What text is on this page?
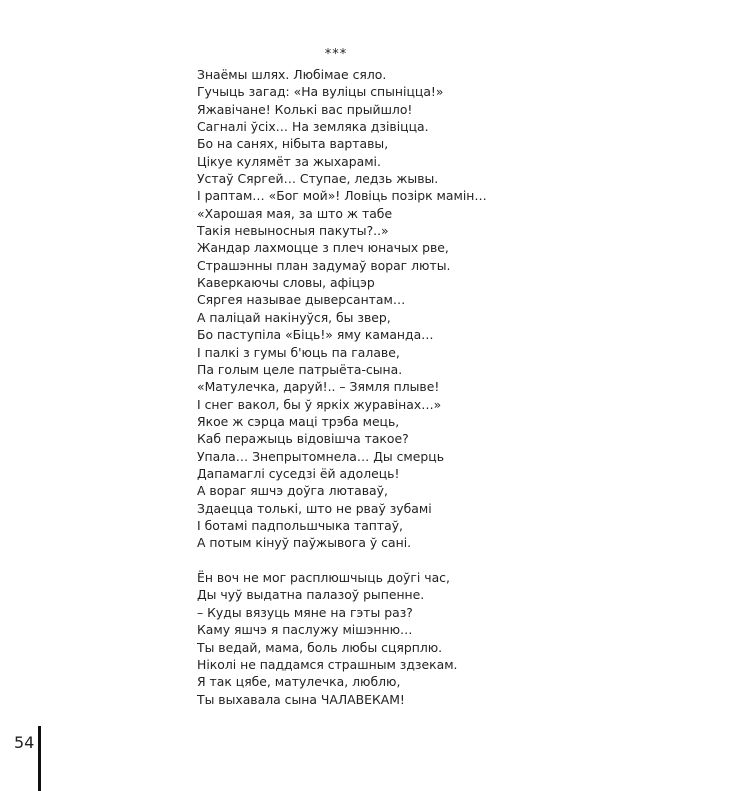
***
Знаёмы шлях. Любімае сяло.
Гучыць загад: «На вуліцы спыніцца!»
Яжавічане! Колькі вас прыйшло!
Сагналі ўсіх… На земляка дзівіцца.
Бо на санях, нібыта вартавы,
Цікуе кулямёт за жыхарамі.
Устаў Сяргей… Ступае, ледзь жывы.
І раптам… «Бог мой»! Ловіць позірк мамін…
«Харошая мая, за што ж табе
Такія невыносныя пакуты?..»
Жандар лахмоцце з плеч юначых рве,
Страшэнны план задумаў вораг люты.
Каверкаючы словы, афіцэр
Сяргея называе дыверсантам…
А паліцай накінуўся, бы звер,
Бо паступіла «Біць!» яму каманда…
І палкі з гумы б'юць па галаве,
Па голым целе патрыёта-сына.
«Матулечка, даруй!.. – Зямля плыве!
І снег вакол, бы ў яркіх журавінах…»
Якое ж сэрца маці трэба мець,
Каб перажыць відовішча такое?
Упала… Знепрытомнела… Ды смерць
Дапамаглі суседзі ёй адолець!
А вораг яшчэ доўга лютаваў,
Здаецца толькі, што не рваў зубамі
І ботамі падпольшчыка таптаў,
А потым кінуў паўжывога ў сані.
Ён воч не мог расплюшчыць доўгі час,
Ды чуў выдатна палазоў рыпенне.
– Куды вязуць мяне на гэты раз?
Каму яшчэ я паслужу мішэнню…
Ты ведай, мама, боль любы сцярплю.
Ніколі не паддамся страшным здзекам.
Я так цябе, матулечка, люблю,
Ты выхавала сына ЧАЛАВЕКАМ!
54
